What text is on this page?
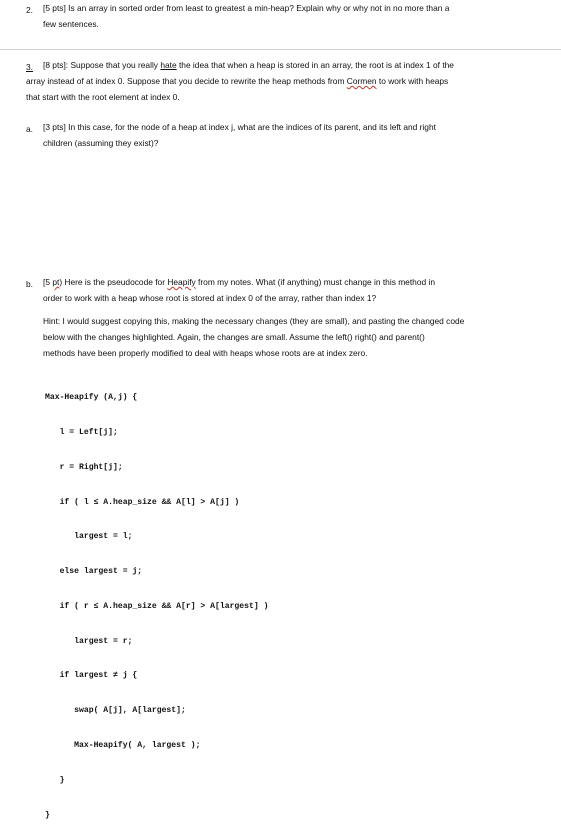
2. [5 pts] Is an array in sorted order from least to greatest a min-heap? Explain why or why not in no more than a
few sentences.
3. [8 pts]: Suppose that you really hate the idea that when a heap is stored in an array, the root is at index 1 of the
array instead of at index 0. Suppose that you decide to rewrite the heap methods from Cormen to work with heaps
that start with the root element at index 0.
a. [3 pts] In this case, for the node of a heap at index j, what are the indices of its parent, and its left and right
children (assuming they exist)?
b. [5 pt) Here is the pseudocode for Heapify from my notes. What (if anything) must change in this method in
order to work with a heap whose root is stored at index 0 of the array, rather than index 1?
Hint: I would suggest copying this, making the necessary changes (they are small), and pasting the changed code
below with the changes highlighted. Again, the changes are small. Assume the left() right() and parent()
methods have been properly modified to deal with heaps whose roots are at index zero.

Max-Heapify (A,j) {

l = Left[j];

r = Right[j];

if ( l ≤ A.heap_size && A[l] > A[j] )

largest = l;

else largest = j;

if ( r ≤ A.heap_size && A[r] > A[largest] )

largest = r;

if largest ≠ j {

swap( A[j], A[largest];

Max-Heapify( A, largest );

}

}
